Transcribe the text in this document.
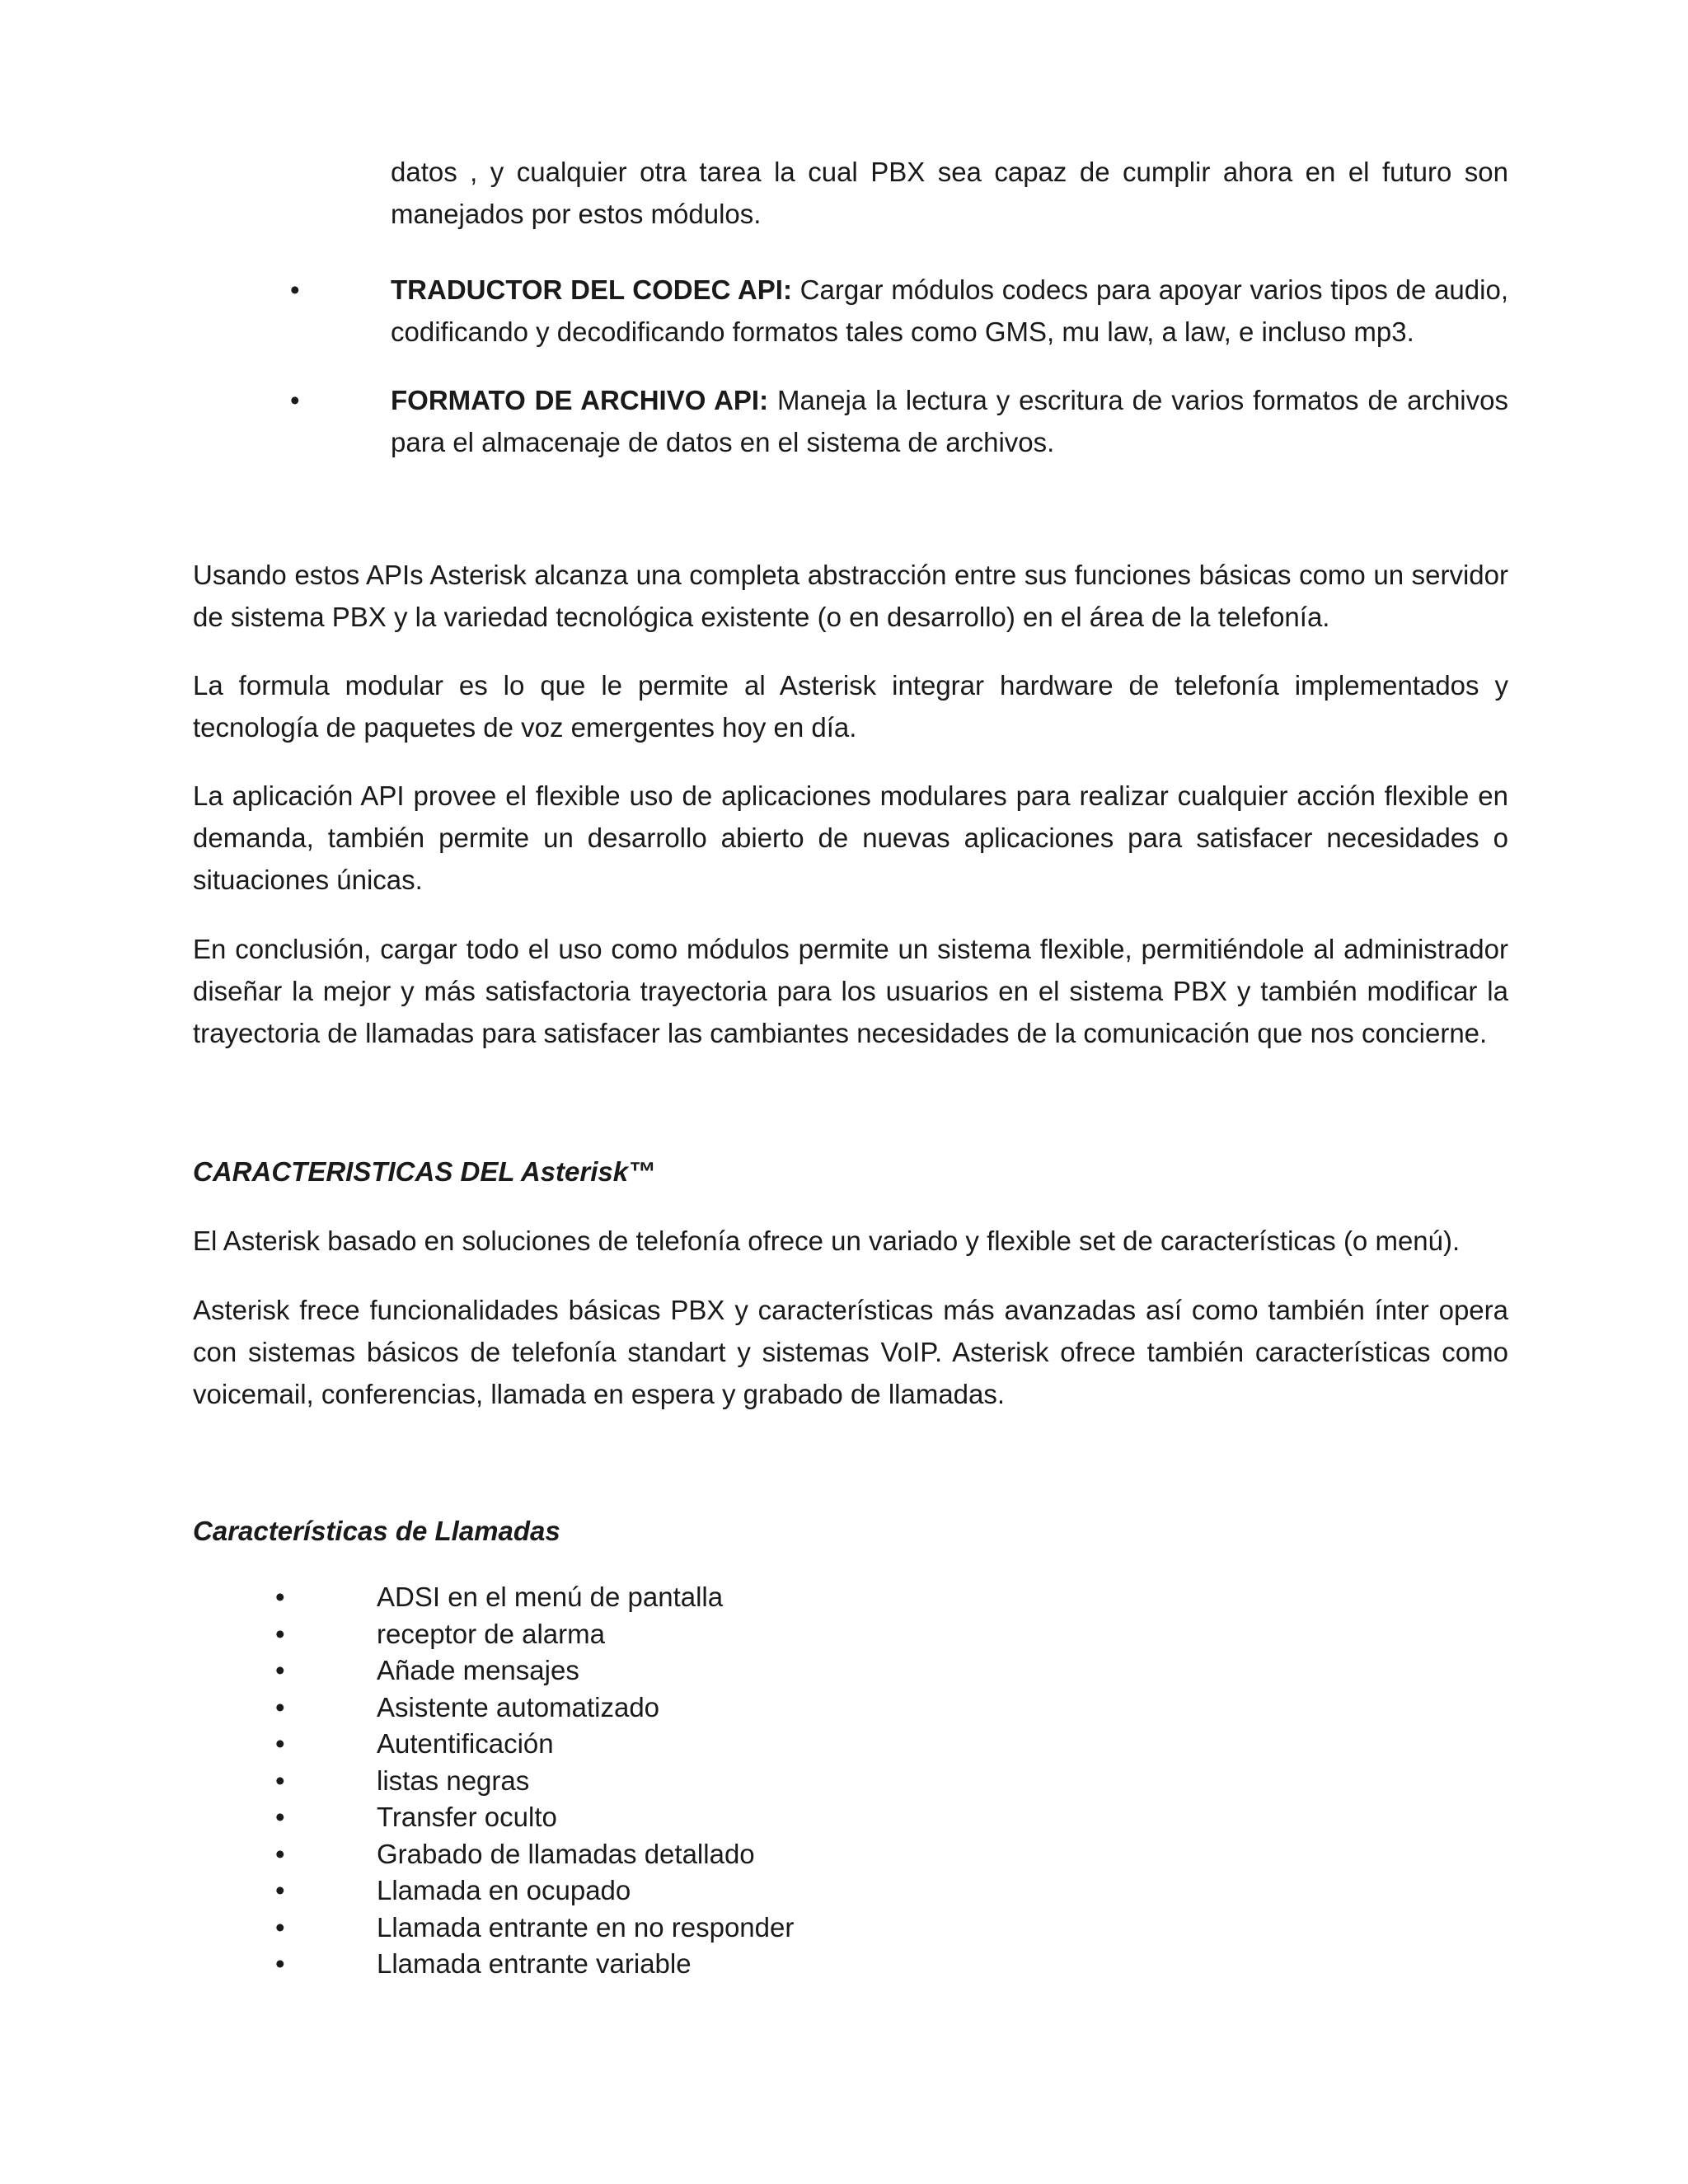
datos , y cualquier otra tarea la cual PBX sea capaz de cumplir ahora en el futuro son manejados por estos módulos.

•	TRADUCTOR DEL CODEC API: Cargar módulos codecs para apoyar varios tipos de audio, codificando y decodificando formatos tales como GMS, mu law, a law, e incluso mp3.

•	FORMATO DE ARCHIVO API: Maneja la lectura y escritura de varios formatos de archivos para el almacenaje de datos en el sistema de archivos.

Usando estos APIs Asterisk alcanza una completa abstracción entre sus funciones básicas como un servidor de sistema PBX y la variedad tecnológica existente (o en desarrollo) en el área de la telefonía.

La formula modular es lo que le permite al Asterisk integrar hardware de telefonía implementados y tecnología de paquetes de voz emergentes hoy en día.

La aplicación API provee el flexible uso de aplicaciones modulares para realizar cualquier acción flexible en demanda, también permite un desarrollo abierto de nuevas aplicaciones para satisfacer necesidades o situaciones únicas.

En conclusión, cargar todo el uso como módulos permite un sistema flexible, permitiéndole al administrador diseñar la mejor y más satisfactoria trayectoria para los usuarios en el sistema PBX y también modificar la trayectoria de llamadas para satisfacer las cambiantes necesidades de la comunicación que nos concierne.

CARACTERISTICAS DEL Asterisk™

El Asterisk basado en soluciones de telefonía ofrece un variado y flexible set de características (o menú).

Asterisk frece funcionalidades básicas PBX y características más avanzadas así como también ínter opera con sistemas básicos de telefonía standart y sistemas VoIP. Asterisk ofrece también características como voicemail, conferencias, llamada en espera y grabado de llamadas.

Características de Llamadas
•	ADSI en el menú de pantalla
•	receptor de alarma
•	Añade mensajes
•	Asistente automatizado
•	Autentificación
•	listas negras
•	Transfer oculto
•	Grabado de llamadas detallado
•	Llamada en ocupado
•	Llamada entrante en no responder
•	Llamada entrante variable
